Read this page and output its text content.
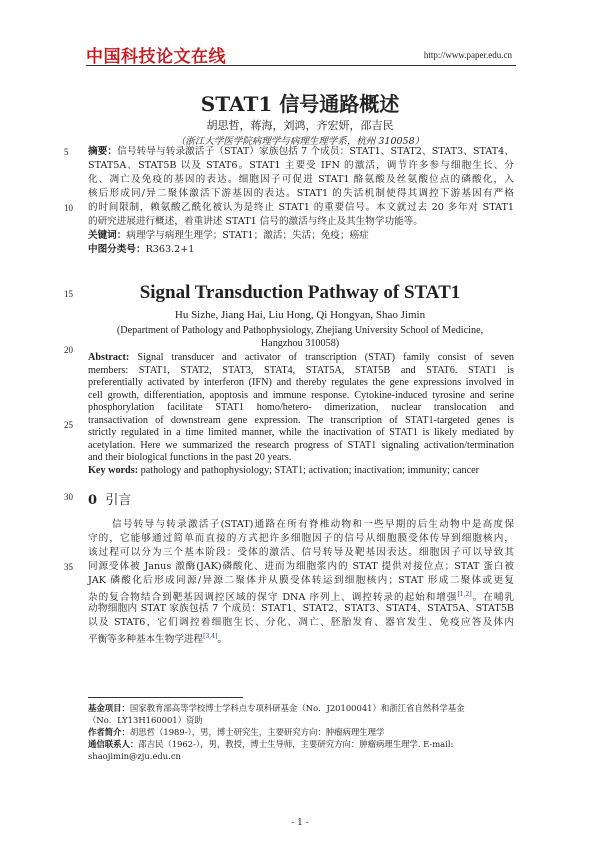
中国科技论文在线	http://www.paper.edu.cn
STAT1 信号通路概述
胡思哲，蒋海，刘鸿，齐宏妍，邵吉民
（浙江大学医学院病理学与病理生理学系，杭州 310058）
5
10
15
20
25
30
35
摘要：信号转导与转录激活子（STAT）家族包括 7 个成员：STAT1、STAT2、STAT3、STAT4、
STAT5A、STAT5B 以及 STAT6。STAT1 主要受 IFN 的激活，调节许多参与细胞生长、分
化、凋亡及免疫的基因的表达。细胞因子可促进 STAT1 酪氨酸及丝氨酸位点的磷酸化，入
核后形成同/异二聚体激活下游基因的表达。STAT1 的失活机制使得其调控下游基因有严格
的时间限制，赖氨酸乙酰化被认为是终止 STAT1 的重要信号。本文就过去 20 多年对 STAT1
的研究进展进行概述，着重讲述 STAT1 信号的激活与终止及其生物学功能等。
关键词：病理学与病理生理学；STAT1；激活；失活；免疫；癌症
中图分类号：R363.2+1
Signal Transduction Pathway of STAT1
Hu Sizhe, Jiang Hai, Liu Hong, Qi Hongyan, Shao Jimin
(Department of Pathology and Pathophysiology, Zhejiang University School of Medicine,
Hangzhou 310058)
Abstract: Signal transducer and activator of transcription (STAT) family consist of seven
members: STAT1, STAT2, STAT3, STAT4, STAT5A, STAT5B and STAT6. STAT1 is
preferentially activated by interferon (IFN) and thereby regulates the gene expressions involved in
cell growth, differentiation, apoptosis and immune response. Cytokine-induced tyrosine and serine
phosphorylation facilitate STAT1 homo/hetero- dimerization, nuclear translocation and
transactivation of downstream gene expression. The transcription of STAT1-targeted genes is
strictly regulated in a time limited manner, while the inactivation of STAT1 is likely mediated by
acetylation. Here we summarized the research progress of STAT1 signaling activation/termination
and their biological functions in the past 20 years.
Key words: pathology and pathophysiology; STAT1; activation; inactivation; immunity; cancer
0 引言
信号转导与转录激活子(STAT)通路在所有脊椎动物和一些早期的后生动物中是高度保
守的，它能够通过简单而直接的方式把许多细胞因子的信号从细胞膜受体传导到细胞核内，
该过程可以分为三个基本阶段：受体的激活、信号转导及靶基因表达。细胞因子可以导致其
同源受体被 Janus 激酶(JAK)磷酸化、进而为细胞浆内的 STAT 提供对接位点；STAT 蛋白被
JAK 磷酸化后形成同源/异源二聚体并从膜受体转运到细胞核内；STAT 形成二聚体或更复
杂的复合物结合到靶基因调控区域的保守 DNA 序列上、调控转录的起始和增强[1,2]。在哺乳
动物细胞内 STAT 家族包括 7 个成员：STAT1、STAT2、STAT3、STAT4、STAT5A、STAT5B
以及 STAT6，它们调控着细胞生长、分化、凋亡、胚胎发育、器官发生、免疫应答及体内
平衡等多种基本生物学进程[3,4]。
基金项目：国家教育部高等学校博士学科点专项科研基金（No．J20100041）和浙江省自然科学基金
（No．LY13H160001）资助
作者简介：胡思哲（1989-），男，博士研究生，主要研究方向：肿瘤病理生理学
通信联系人：邵吉民（1962-），男，教授，博士生导师，主要研究方向：肿瘤病理生理学. E-mail:
shaojimin@zju.edu.cn
- 1 -
